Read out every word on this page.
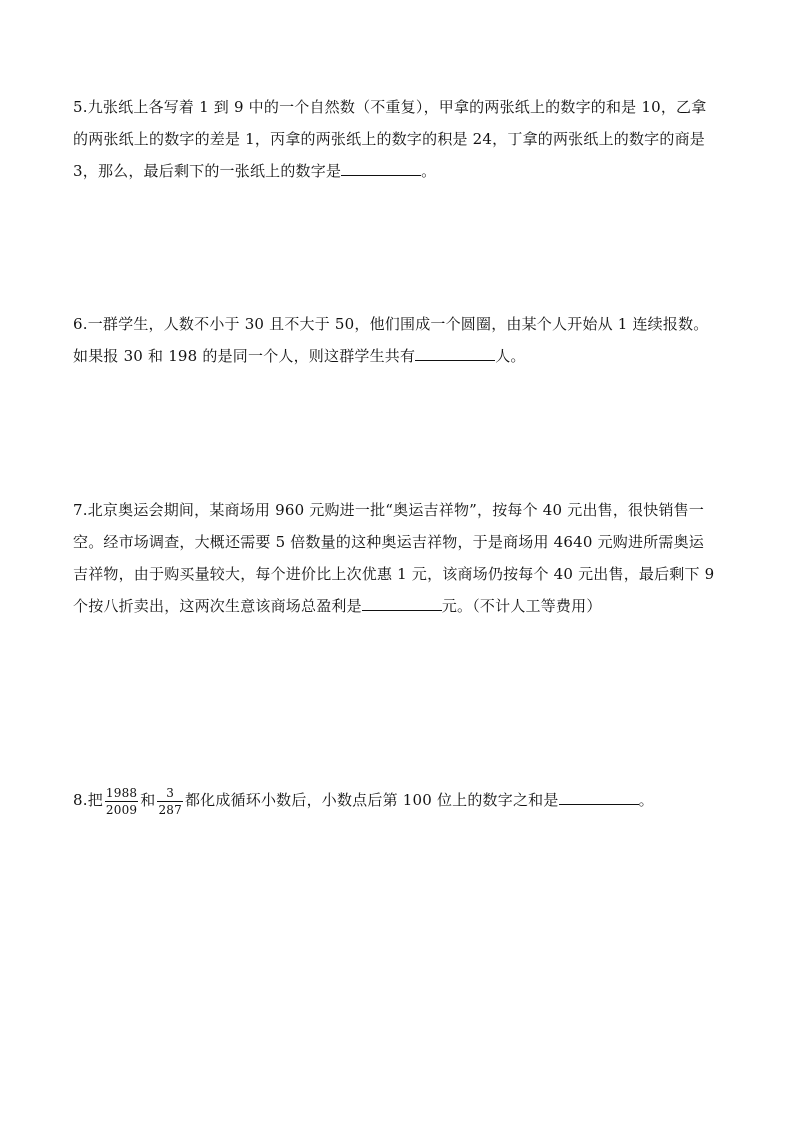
5.九张纸上各写着 1 到 9 中的一个自然数（不重复），甲拿的两张纸上的数字的和是 10，乙拿
的两张纸上的数字的差是 1，丙拿的两张纸上的数字的积是 24，丁拿的两张纸上的数字的商是
3，那么，最后剩下的一张纸上的数字是	。
6.一群学生，人数不小于 30 且不大于 50，他们围成一个圆圈，由某个人开始从 1 连续报数。
如果报 30 和 198 的是同一个人，则这群学生共有	人。
7.北京奥运会期间，某商场用 960 元购进一批“奥运吉祥物”，按每个 40 元出售，很快销售一
空。经市场调查，大概还需要 5 倍数量的这种奥运吉祥物，于是商场用 4640 元购进所需奥运
吉祥物，由于购买量较大，每个进价比上次优惠 1 元，该商场仍按每个 40 元出售，最后剩下 9
个按八折卖出，这两次生意该商场总盈利是	元。（不计人工等费用）
8.把 $\frac{1988}{2009}$ 和 $\frac{3}{287}$ 都化成循环小数后，小数点后第 100 位上的数字之和是	。
